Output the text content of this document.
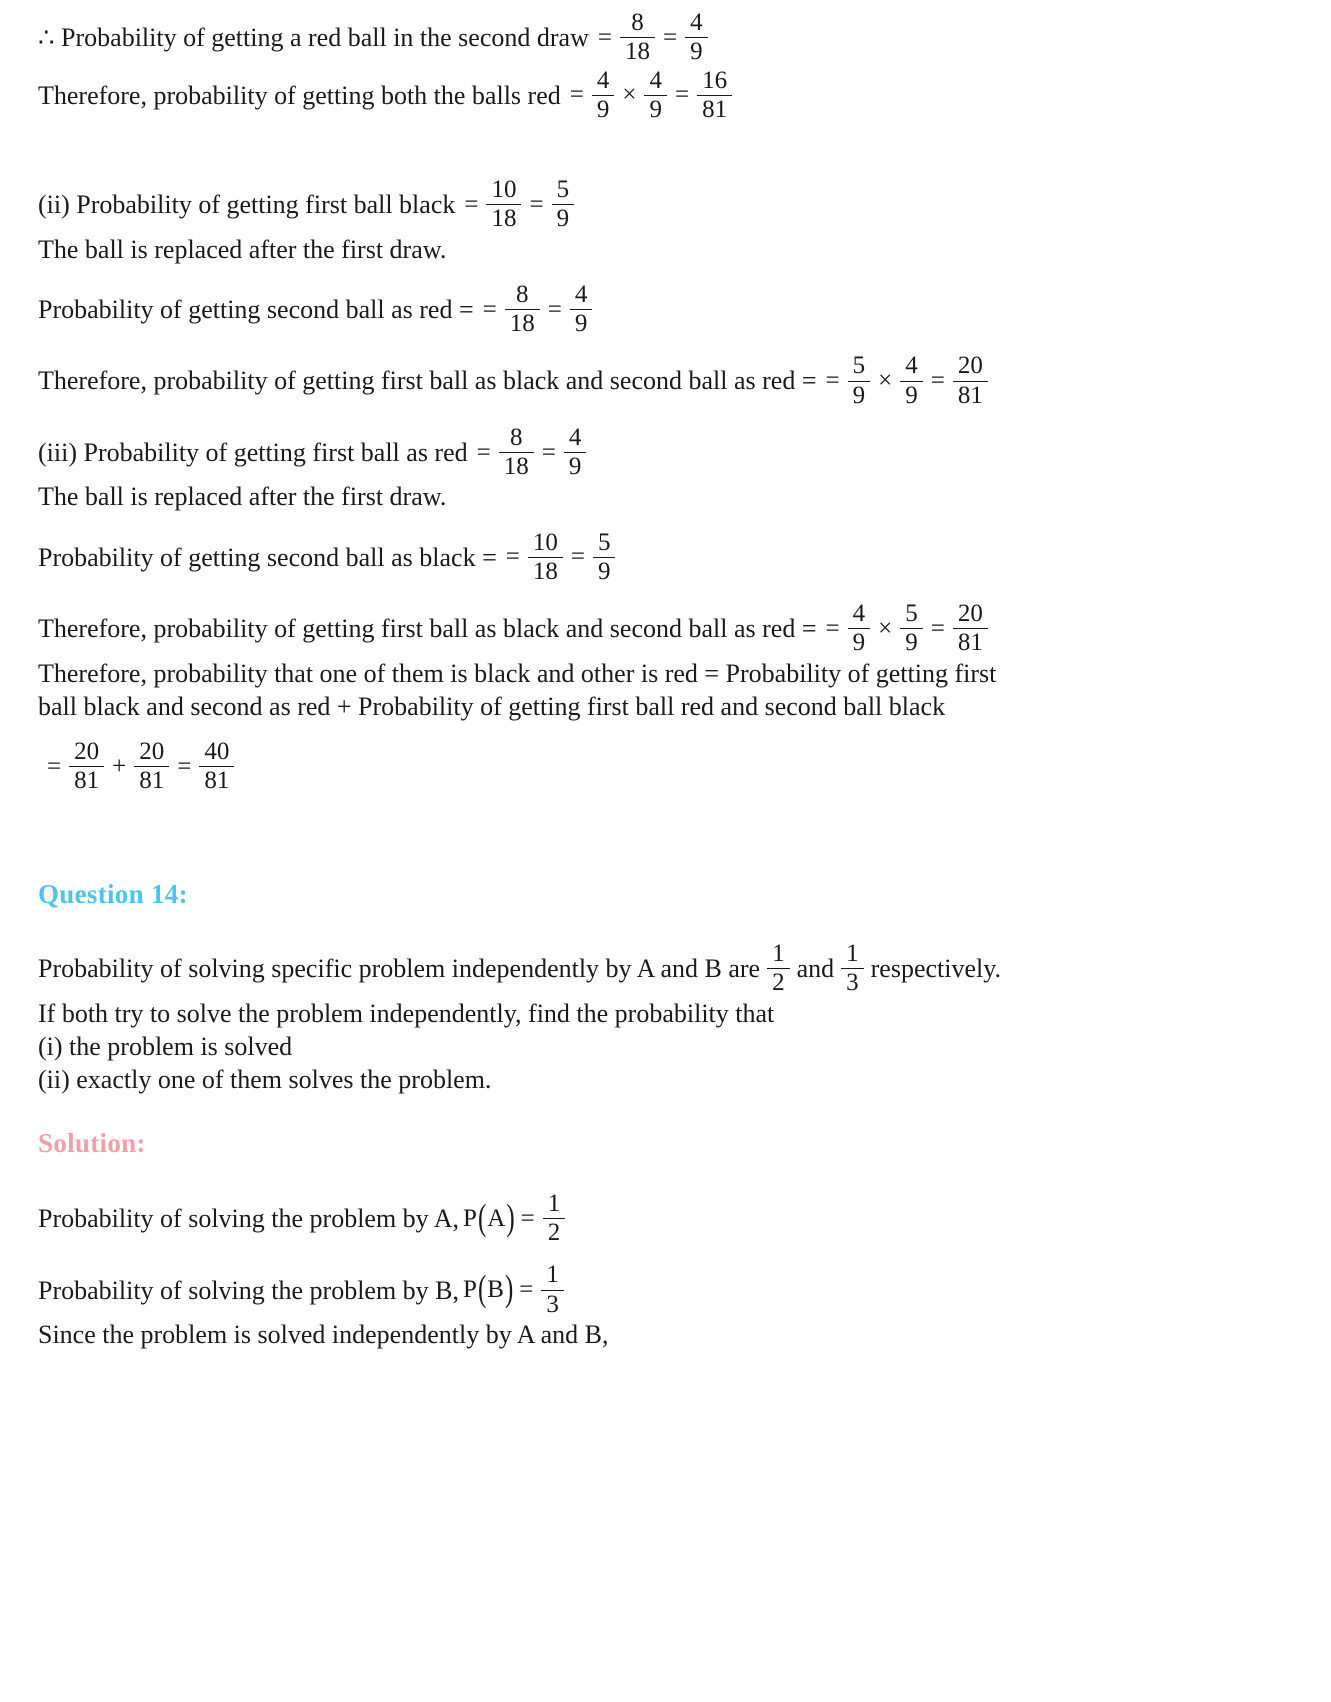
∴ Probability of getting a red ball in the second draw = $\frac{8}{18} = \frac{4}{9}$
Therefore, probability of getting both the balls red = $\frac{4}{9} \times \frac{4}{9} = \frac{16}{81}$
(ii) Probability of getting first ball black = $\frac{10}{18} = \frac{5}{9}$
The ball is replaced after the first draw.
Probability of getting second ball as red = = $\frac{8}{18} = \frac{4}{9}$
Therefore, probability of getting first ball as black and second ball as red = = $\frac{5}{9} \times \frac{4}{9} = \frac{20}{81}$
(iii) Probability of getting first ball as red = $\frac{8}{18} = \frac{4}{9}$
The ball is replaced after the first draw.
Probability of getting second ball as black = = $\frac{10}{18} = \frac{5}{9}$
Therefore, probability of getting first ball as black and second ball as red = = $\frac{4}{9} \times \frac{5}{9} = \frac{20}{81}$
Therefore, probability that one of them is black and other is red = Probability of getting first
ball black and second as red + Probability of getting first ball red and second ball black
= $\frac{20}{81} + \frac{20}{81} = \frac{40}{81}$
Question 14:
Probability of solving specific problem independently by A and B are $\frac{1}{2}$ and $\frac{1}{3}$ respectively.
If both try to solve the problem independently, find the probability that
(i) the problem is solved
(ii) exactly one of them solves the problem.
Solution:
Probability of solving the problem by A, P ( A ) = $\frac{1}{2}$
Probability of solving the problem by B, P ( B ) = $\frac{1}{3}$
Since the problem is solved independently by A and B,
